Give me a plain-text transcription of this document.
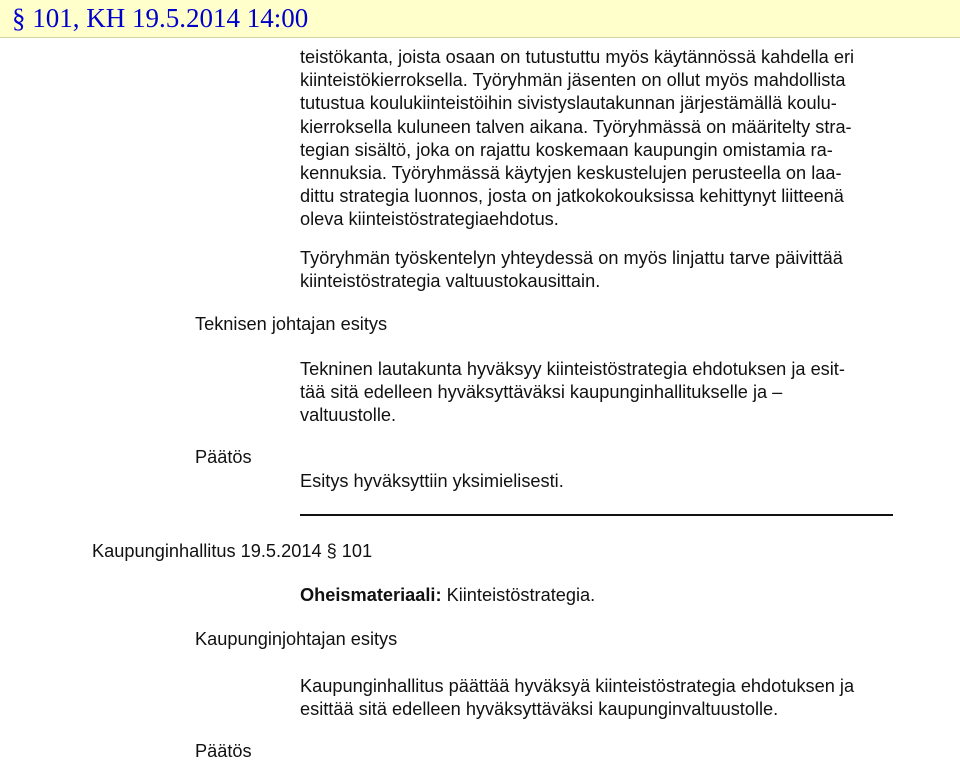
§ 101, KH 19.5.2014 14:00
teistökanta, joista osaan on tutustuttu myös käytännössä kahdella eri
kiinteistökierroksella. Työryhmän jäsenten on ollut myös mahdollista
tutustua koulukiinteistöihin sivistyslautakunnan järjestämällä koulu-
kierroksella kuluneen talven aikana. Työryhmässä on määritelty stra-
tegian sisältö, joka on rajattu koskemaan kaupungin omistamia ra-
kennuksia. Työryhmässä käytyjen keskustelujen perusteella on laa-
dittu strategia luonnos, josta on jatkokokouksissa kehittynyt liitteenä
oleva kiinteistöstrategiaehdotus.
Työryhmän työskentelyn yhteydessä on myös linjattu tarve päivittää
kiinteistöstrategia valtuustokausittain.
Teknisen johtajan esitys
Tekninen lautakunta hyväksyy kiinteistöstrategia ehdotuksen ja esit-
tää sitä edelleen hyväksyttäväksi kaupunginhallitukselle ja –
valtuustolle.
Päätös
Esitys hyväksyttiin yksimielisesti.
Kaupunginhallitus 19.5.2014 § 101
Oheismateriaali: Kiinteistöstrategia.
Kaupunginjohtajan esitys
Kaupunginhallitus päättää hyväksyä kiinteistöstrategia ehdotuksen ja
esittää sitä edelleen hyväksyttäväksi kaupunginvaltuustolle.
Päätös
